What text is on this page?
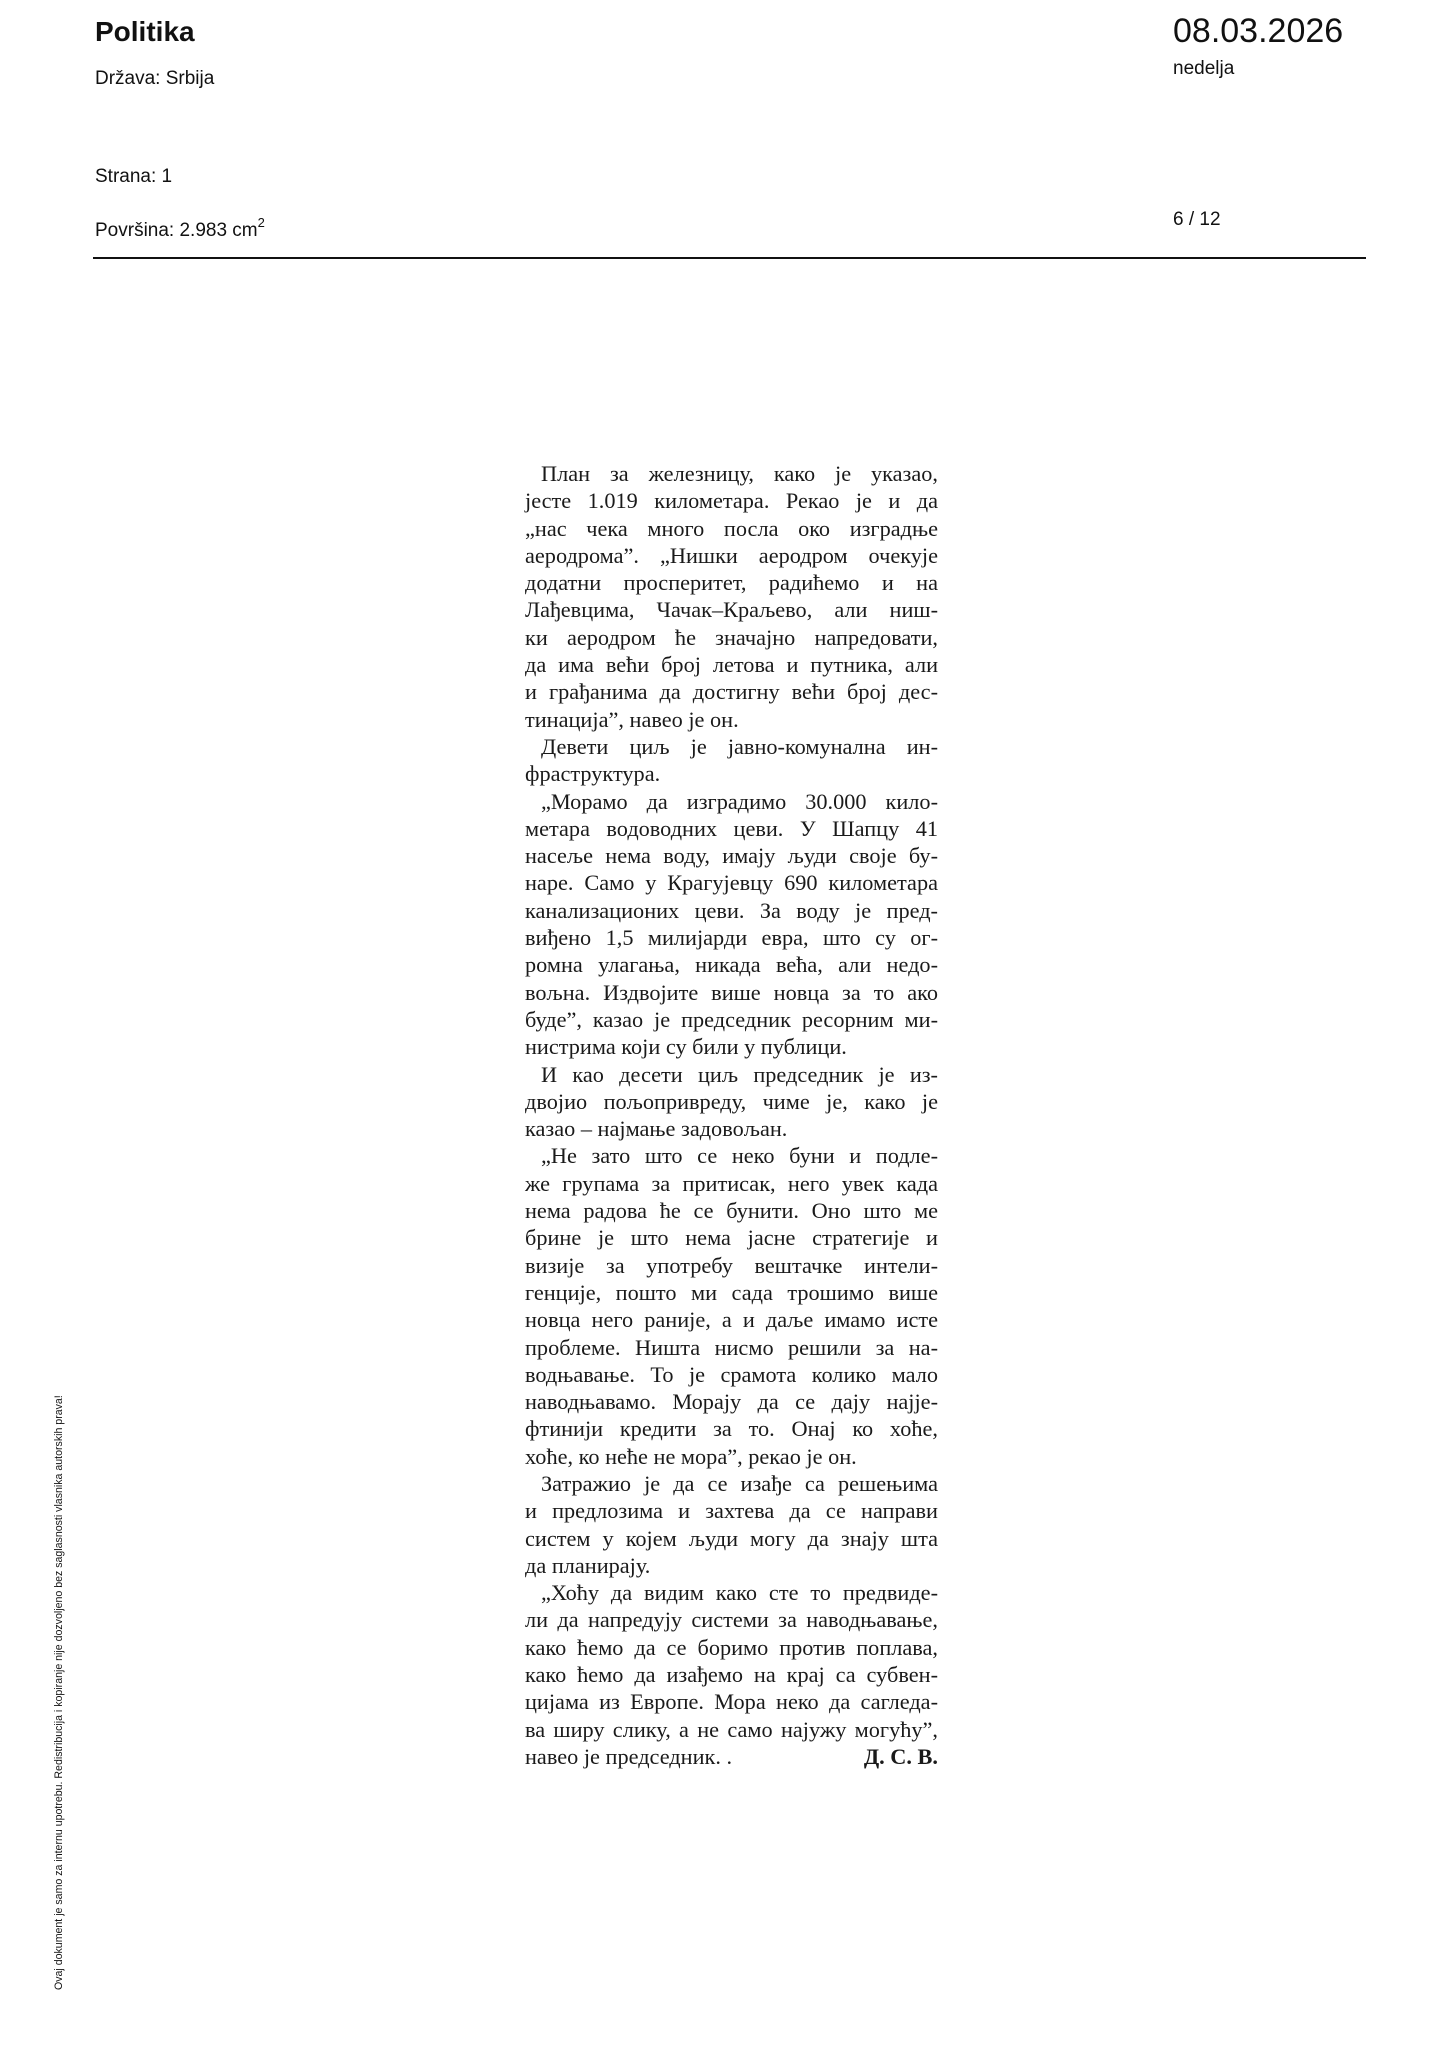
Politika
Država: Srbija
Strana: 1
Površina: 2.983 $cm^2$
08.03.2026
nedelja
6 / 12

План за железницу, како је указао,
јесте 1.019 километара. Рекао је и да
„нас чека много посла око изградње
аеродрома”. „Нишки аеродром очекује
додатни просперитет, радићемо и на
Лађевцима, Чачак–Краљево, али ниш-
ки аеродром ће значајно напредовати,
да има већи број летова и путника, али
и грађанима да достигну већи број дес-
тинација”, навео је он.

Девети циљ је јавно-комунална ин-
фраструктура.

„Морамо да изградимо 30.000 кило-
метара водоводних цеви. У Шапцу 41
насеље нема воду, имају људи своје бу-
наре. Само у Крагујевцу 690 километара
канализационих цеви. За воду је пред-
виђено 1,5 милијарди евра, што су ог-
ромна улагања, никада већа, али недо-
вољна. Издвојите више новца за то ако
буде”, казао је председник ресорним ми-
нистрима који су били у публици.

И као десети циљ председник је из-
двојио пољопривреду, чиме је, како је
казао – најмање задовољан.

„Не зато што се неко буни и подле-
же групама за притисак, него увек када
нема радова ће се бунити. Оно што ме
брине је што нема јасне стратегије и
визије за употребу вештачке интели-
генције, пошто ми сада трошимо више
новца него раније, а и даље имамо исте
проблеме. Ништа нисмо решили за на-
водњавање. То је срамота колико мало
наводњавамо. Морају да се дају најје-
фтинији кредити за то. Онај ко хоће,
хоће, ко неће не мора”, рекао је он.

Затражио је да се изађе са решењима
и предлозима и захтева да се направи
систем у којем људи могу да знају шта
да планирају.

„Хоћу да видим како сте то предвиде-
ли да напредују системи за наводњавање,
како ћемо да се боримо против поплава,
како ћемо да изађемо на крај са субвен-
цијама из Европе. Мора неко да сагледа-
ва ширу слику, а не само најужу могућу”,
навео је председник. .	Д. С. В.

Ovaj dokument je samo za internu upotrebu. Redistribucija i kopiranje nije dozvoljeno bez saglasnosti vlasnika autorskih prava!
